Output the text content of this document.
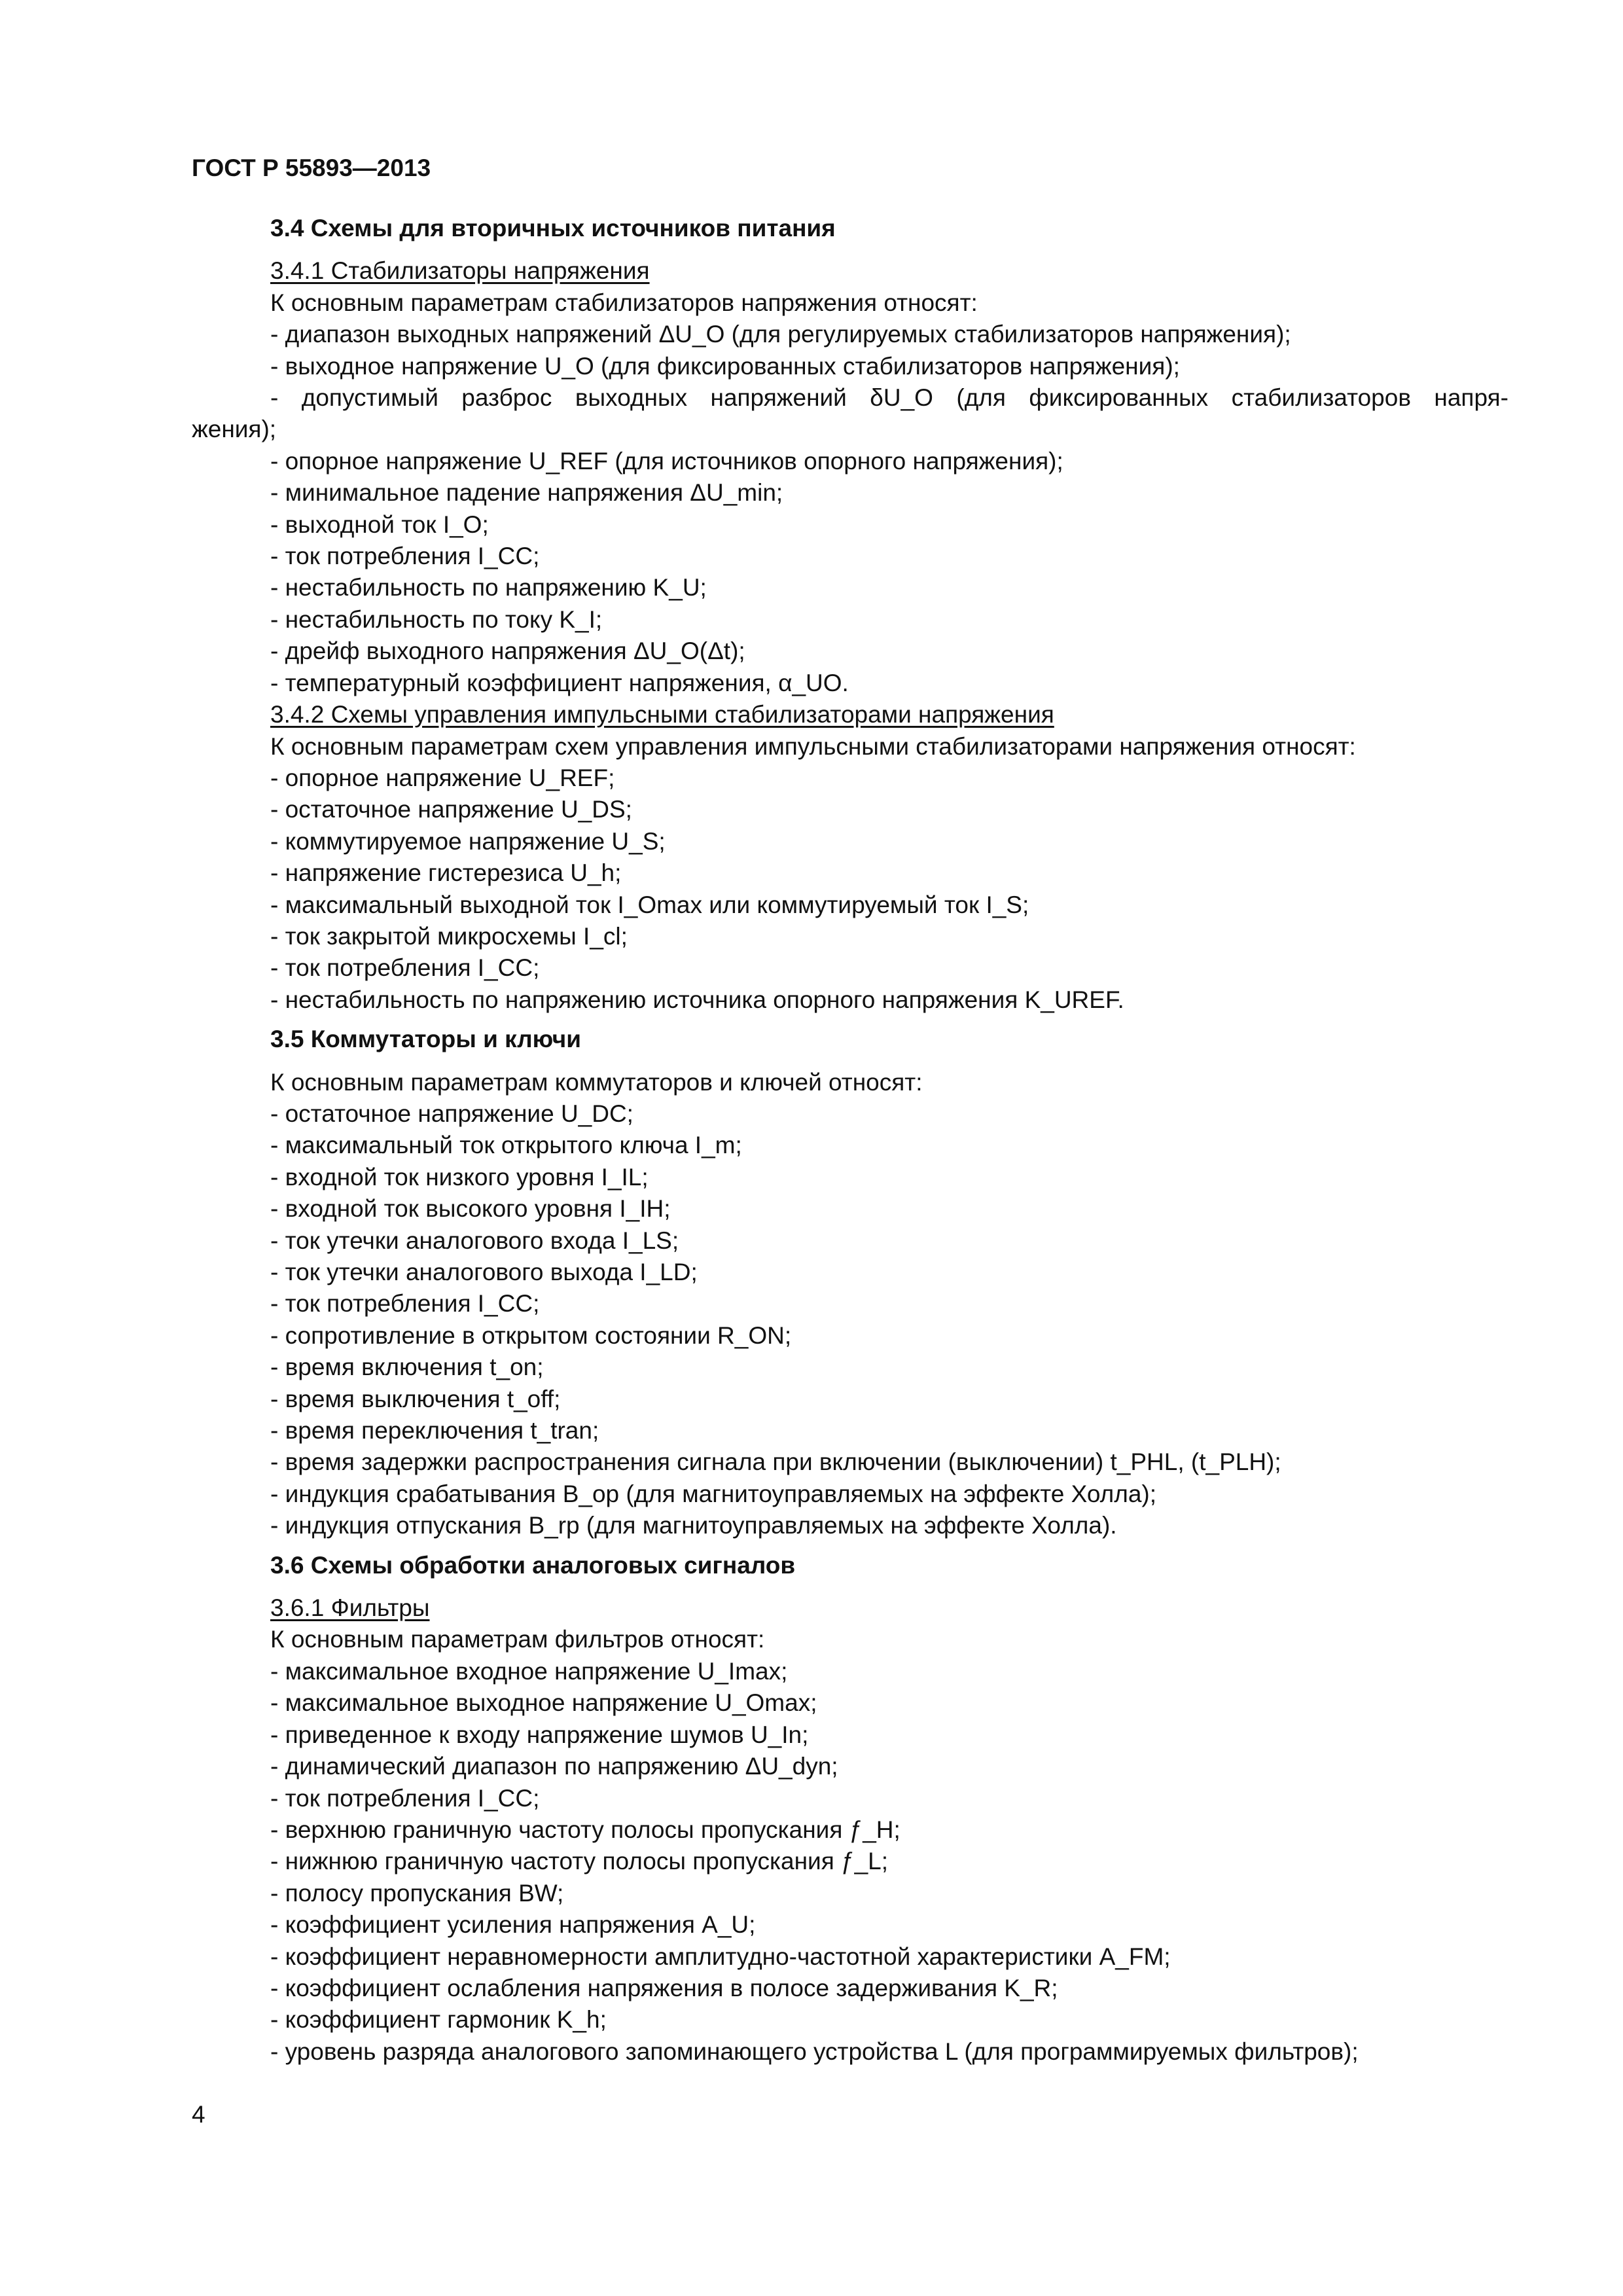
ГОСТ Р 55893—2013
3.4 Схемы для вторичных источников питания
3.4.1 Стабилизаторы напряжения
К основным параметрам стабилизаторов напряжения относят:
- диапазон выходных напряжений ΔU_O (для регулируемых стабилизаторов напряжения);
- выходное напряжение U_O (для фиксированных стабилизаторов напряжения);
- допустимый разброс выходных напряжений δU_O (для фиксированных стабилизаторов напря-
жения);
- опорное напряжение U_REF (для источников опорного напряжения);
- минимальное падение напряжения ΔU_min;
- выходной ток I_O;
- ток потребления I_CC;
- нестабильность по напряжению K_U;
- нестабильность по току K_I;
- дрейф выходного напряжения ΔU_O(Δt);
- температурный коэффициент напряжения, α_UO.
3.4.2 Схемы управления импульсными стабилизаторами напряжения
К основным параметрам схем управления импульсными стабилизаторами напряжения относят:
- опорное напряжение U_REF;
- остаточное напряжение U_DS;
- коммутируемое напряжение U_S;
- напряжение гистерезиса U_h;
- максимальный выходной ток I_Omax или коммутируемый ток I_S;
- ток закрытой микросхемы I_cl;
- ток потребления I_CC;
- нестабильность по напряжению источника опорного напряжения K_UREF.
3.5 Коммутаторы и ключи
К основным параметрам коммутаторов и ключей относят:
- остаточное напряжение U_DC;
- максимальный ток открытого ключа I_m;
- входной ток низкого уровня I_IL;
- входной ток высокого уровня I_IH;
- ток утечки аналогового входа I_LS;
- ток утечки аналогового выхода I_LD;
- ток потребления I_CC;
- сопротивление в открытом состоянии R_ON;
- время включения t_on;
- время выключения t_off;
- время переключения t_tran;
- время задержки распространения сигнала при включении (выключении) t_PHL, (t_PLH);
- индукция срабатывания B_op (для магнитоуправляемых на эффекте Холла);
- индукция отпускания B_rp (для магнитоуправляемых на эффекте Холла).
3.6 Схемы обработки аналоговых сигналов
3.6.1 Фильтры
К основным параметрам фильтров относят:
- максимальное входное напряжение U_Imax;
- максимальное выходное напряжение U_Omax;
- приведенное к входу напряжение шумов U_In;
- динамический диапазон по напряжению ΔU_dyn;
- ток потребления I_CC;
- верхнюю граничную частоту полосы пропускания ƒ_H;
- нижнюю граничную частоту полосы пропускания ƒ_L;
- полосу пропускания BW;
- коэффициент усиления напряжения A_U;
- коэффициент неравномерности амплитудно-частотной характеристики A_FM;
- коэффициент ослабления напряжения в полосе задерживания K_R;
- коэффициент гармоник K_h;
- уровень разряда аналогового запоминающего устройства L (для программируемых фильтров);
4
